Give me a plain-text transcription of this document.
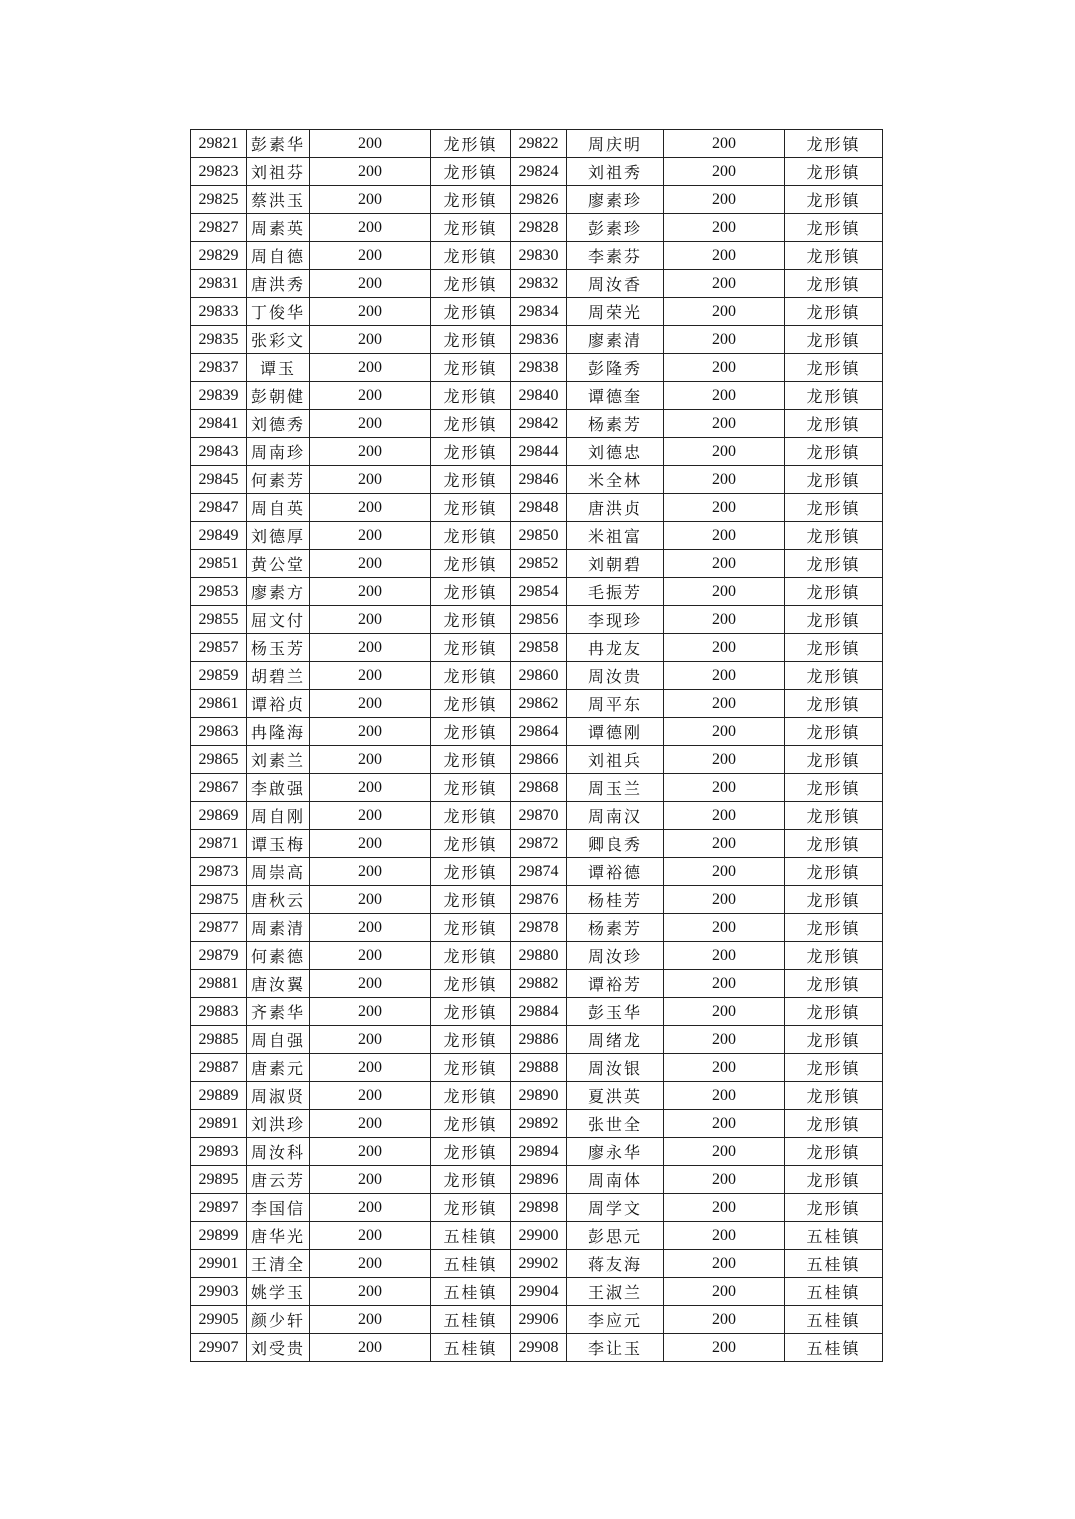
29821	彭素华	200	龙形镇	29822	周庆明	200	龙形镇
29823	刘祖芬	200	龙形镇	29824	刘祖秀	200	龙形镇
29825	蔡洪玉	200	龙形镇	29826	廖素珍	200	龙形镇
29827	周素英	200	龙形镇	29828	彭素珍	200	龙形镇
29829	周自德	200	龙形镇	29830	李素芬	200	龙形镇
29831	唐洪秀	200	龙形镇	29832	周汝香	200	龙形镇
29833	丁俊华	200	龙形镇	29834	周荣光	200	龙形镇
29835	张彩文	200	龙形镇	29836	廖素清	200	龙形镇
29837	谭玉	200	龙形镇	29838	彭隆秀	200	龙形镇
29839	彭朝健	200	龙形镇	29840	谭德奎	200	龙形镇
29841	刘德秀	200	龙形镇	29842	杨素芳	200	龙形镇
29843	周南珍	200	龙形镇	29844	刘德忠	200	龙形镇
29845	何素芳	200	龙形镇	29846	米全林	200	龙形镇
29847	周自英	200	龙形镇	29848	唐洪贞	200	龙形镇
29849	刘德厚	200	龙形镇	29850	米祖富	200	龙形镇
29851	黄公堂	200	龙形镇	29852	刘朝碧	200	龙形镇
29853	廖素方	200	龙形镇	29854	毛振芳	200	龙形镇
29855	屈文付	200	龙形镇	29856	李现珍	200	龙形镇
29857	杨玉芳	200	龙形镇	29858	冉龙友	200	龙形镇
29859	胡碧兰	200	龙形镇	29860	周汝贵	200	龙形镇
29861	谭裕贞	200	龙形镇	29862	周平东	200	龙形镇
29863	冉隆海	200	龙形镇	29864	谭德刚	200	龙形镇
29865	刘素兰	200	龙形镇	29866	刘祖兵	200	龙形镇
29867	李啟强	200	龙形镇	29868	周玉兰	200	龙形镇
29869	周自刚	200	龙形镇	29870	周南汉	200	龙形镇
29871	谭玉梅	200	龙形镇	29872	卿良秀	200	龙形镇
29873	周崇高	200	龙形镇	29874	谭裕德	200	龙形镇
29875	唐秋云	200	龙形镇	29876	杨桂芳	200	龙形镇
29877	周素清	200	龙形镇	29878	杨素芳	200	龙形镇
29879	何素德	200	龙形镇	29880	周汝珍	200	龙形镇
29881	唐汝翼	200	龙形镇	29882	谭裕芳	200	龙形镇
29883	齐素华	200	龙形镇	29884	彭玉华	200	龙形镇
29885	周自强	200	龙形镇	29886	周绪龙	200	龙形镇
29887	唐素元	200	龙形镇	29888	周汝银	200	龙形镇
29889	周淑贤	200	龙形镇	29890	夏洪英	200	龙形镇
29891	刘洪珍	200	龙形镇	29892	张世全	200	龙形镇
29893	周汝科	200	龙形镇	29894	廖永华	200	龙形镇
29895	唐云芳	200	龙形镇	29896	周南体	200	龙形镇
29897	李国信	200	龙形镇	29898	周学文	200	龙形镇
29899	唐华光	200	五桂镇	29900	彭思元	200	五桂镇
29901	王清全	200	五桂镇	29902	蒋友海	200	五桂镇
29903	姚学玉	200	五桂镇	29904	王淑兰	200	五桂镇
29905	颜少轩	200	五桂镇	29906	李应元	200	五桂镇
29907	刘受贵	200	五桂镇	29908	李让玉	200	五桂镇
